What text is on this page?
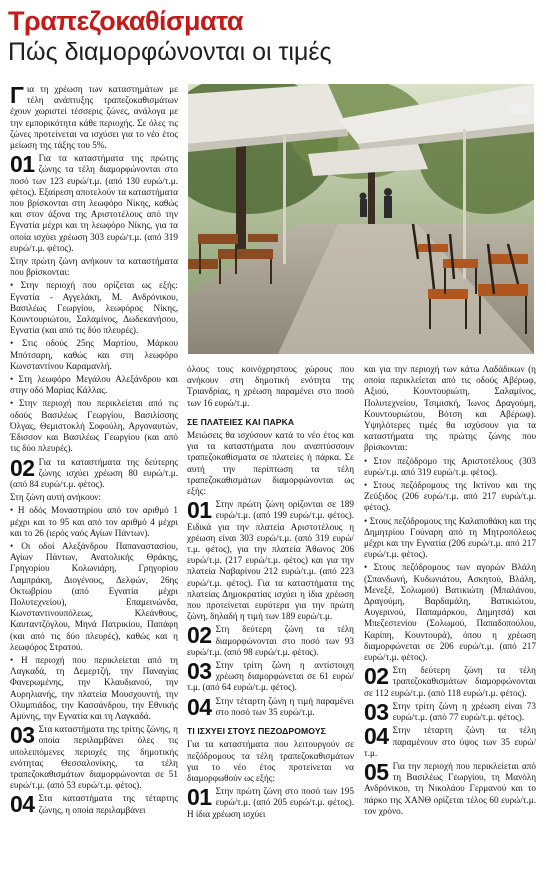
Τραπεζοκαθίσματα
Πώς διαμορφώνονται οι τιμές

Για τη χρέωση των καταστημάτων με τέλη ανάπτυξης τραπεζοκαθισμάτων έχουν χωριστεί τέσσερις ζώνες, ανάλογα με την εμπορικότητα κάθε περιοχής. Σε όλες τις ζώνες προτείνεται να ισχύσει για το νέο έτος μείωση της τάξης του 5%.

01 Για τα καταστήματα της πρώτης ζώνης τα τέλη διαμορφώνονται στο ποσό των 123 ευρώ/τ.μ. (από 130 ευρώ/τ.μ. φέτος). Εξαίρεση αποτελούν τα καταστήματα που βρίσκονται στη λεωφόρο Νίκης, καθώς και στον άξονα της Αριστοτέλους από την Εγνατία μέχρι και τη λεωφόρο Νίκης, για τα οποία ισχύει χρέωση 303 ευρώ/τ.μ. (από 319 ευρώ/τ.μ. φέτος).

Στην πρώτη ζώνη ανήκουν τα καταστήματα που βρίσκονται:

• Στην περιοχή που ορίζεται ως εξής: Εγνατία - Αγγελάκη, Μ. Ανδρόνικου, Βασιλέως Γεωργίου, λεωφόρος Νίκης, Κουντουριώτου, Σαλαμίνος, Δωδεκανήσου, Εγνατία (και από τις δύο πλευρές).

• Στις οδούς 25ης Μαρτίου, Μάρκου Μπότσαρη, καθώς και στη λεωφόρο Κωνσταντίνου Καραμανλή.

• Στη λεωφόρο Μεγάλου Αλεξάνδρου και στην οδό Μαρίας Κάλλας.

• Στην περιοχή που περικλείεται από τις οδούς Βασιλέως Γεωργίου, Βασιλίσσης Όλγας, Θεμιστοκλή Σοφούλη, Αργοναυτών, Έδισσον και Βασιλέως Γεωργίου (και από τις δύο πλευρές).

02 Για τα καταστήματα της δεύτερης ζώνης ισχύει χρέωση 80 ευρώ/τ.μ. (από 84 ευρώ/τ.μ. φέτος).

Στη ζώνη αυτή ανήκουν:

• Η οδός Μοναστηρίου από τον αριθμό 1 μέχρι και το 95 και από τον αριθμό 4 μέχρι και το 26 (ιερός ναός Αγίων Πάντων).

• Οι οδοί Αλεξάνδρου Παπαναστασίου, Αγίων Πάντων, Ανατολικής Θράκης, Γρηγορίου Κολωνιάρη, Γρηγορίου Λαμπράκη, Διογένους, Δελφών, 26ης Οκτωβρίου (από Εγνατία μέχρι Πολυτεχνείου), Επαμεινώνδα, Κωνσταντινουπόλεως, Κλεάνθους, Καυταντζόγλου, Μηνά Πατρικίου, Παπάφη (και από τις δύο πλευρές), καθώς και η λεωφόρος Στρατού.

• Η περιοχή που περικλείεται από τη Λαγκαδά, τη Δεμερτζή, την Παναγίας Φανερωμένης, την Κλαυδιανού, την Αυρηλιανής, την πλατεία Μουσχουντή, την Ολυμπιάδος, την Κασσάνδρου, την Εθνικής Αμύνης, την Εγνατία και τη Λαγκαδά.

03 Στα καταστήματα της τρίτης ζώνης, η οποία περιλαμβάνει όλες τις υπολειπόμενες περιοχές της δημοτικής ενότητας Θεσσαλονίκης, τα τέλη τραπεζοκαθισμάτων διαμορφώνονται σε 51 ευρώ/τ.μ. (από 53 ευρώ/τ.μ. φέτος).

04 Στα καταστήματα της τέταρτης ζώνης, η οποία περιλαμβάνει

όλους τους κοινόχρηστους χώρους που ανήκουν στη δημοτική ενότητα της Τριανδρίας, η χρέωση παραμένει στο ποσό των 16 ευρώ/τ.μ.

ΣΕ ΠΛΑΤΕΙΕΣ ΚΑΙ ΠΑΡΚΑ

Μειώσεις θα ισχύσουν κατά το νέο έτος και για τα καταστήματα που αναπτύσσουν τραπεζοκαθίσματα σε πλατείες ή πάρκα. Σε αυτή την περίπτωση τα τέλη τραπεζοκαθισμάτων διαμορφώνονται ως εξής:

01 Στην πρώτη ζώνη ορίζονται σε 189 ευρώ/τ.μ. (από 199 ευρώ/τ.μ. φέτος). Ειδικά για την πλατεία Αριστοτέλους η χρέωση είναι 303 ευρώ/τ.μ. (από 319 ευρώ/τ.μ. φέτος), για την πλατεία Άθωνος 206 ευρώ/τ.μ. (217 ευρώ/τ.μ. φέτος) και για την πλατεία Ναβαρίνου 212 ευρώ/τ.μ. (από 223 ευρώ/τ.μ. φέτος). Για τα καταστήματα της πλατείας Δημοκρατίας ισχύει η ίδια χρέωση που προτείνεται ευρύτερα για την πρώτη ζώνη, δηλαδή η τιμή των 189 ευρώ/τ.μ.

02 Στη δεύτερη ζώνη τα τέλη διαμορφώνονται στο ποσό των 93 ευρώ/τ.μ. (από 98 ευρώ/τ.μ. φέτος).

03 Στην τρίτη ζώνη η αντίστοιχη χρέωση διαμορφώνεται σε 61 ευρώ/τ.μ. (από 64 ευρώ/τ.μ. φέτος).

04 Στην τέταρτη ζώνη η τιμή παραμένει στο ποσό των 35 ευρώ/τ.μ.

ΤΙ ΙΣΧΥΕΙ ΣΤΟΥΣ ΠΕΖΟΔΡΟΜΟΥΣ

Για τα καταστήματα που λειτουργούν σε πεζόδρομους τα τέλη τραπεζοκαθισμάτων για το νέο έτος προτείνεται να διαμορφωθούν ως εξής:

01 Στην πρώτη ζώνη στο ποσό των 195 ευρώ/τ.μ. (από 205 ευρώ/τ.μ. φέτος). Η ίδια χρέωση ισχύει

και για την περιοχή των κάτω Λαδάδικων (η οποία περικλείεται από τις οδούς Αβέρωφ, Αξιού, Κουντουριώτη, Σαλαμίνος, Πολυτεχνείου, Τσιμισκή, Ίωνος Δραγούμη, Κουντουριώτου, Βότση και Αβέρωφ). Υψηλότερες τιμές θα ισχύσουν για τα καταστήματα της πρώτης ζώνης που βρίσκονται:

• Στον πεζόδρομο της Αριστοτέλους (303 ευρώ/τ.μ. από 319 ευρώ/τ.μ. φέτος).

• Στους πεζόδρομους της Ικτίνου και της Ζεύξιδος (206 ευρώ/τ.μ. από 217 ευρώ/τ.μ. φέτος).

• Στους πεζόδρομους της Καλαποθάκη και της Δημητρίου Γούναρη από τη Μητροπόλεως μέχρι και την Εγνατία (206 ευρώ/τ.μ. από 217 ευρώ/τ.μ. φέτος).

• Στους πεζόδρομους των αγορών Βλάλη (Σπανδωνή, Κυδωνιάτου, Ασκητού, Βλάλη, Μενεξέ, Σολωμού) Βατικιώτη (Μπαλάνου, Δραγούμη, Βαρδαμάλη, Βατικιώτου, Αυγερινού, Παπαμάρκου, Δημητσά) και Μπεζεστενίου (Σολωμού, Παπαδοπούλου, Καρίπη, Κουντουρά), όπου η χρέωση διαμορφώνεται σε 206 ευρώ/τ.μ. (από 217 ευρώ/τ.μ. φέτος).

02 Στη δεύτερη ζώνη τα τέλη τραπεζοκαθισμάτων διαμορφώνονται σε 112 ευρώ/τ.μ. (από 118 ευρώ/τ.μ. φέτος).

03 Στην τρίτη ζώνη η χρέωση είναι 73 ευρώ/τ.μ. (από 77 ευρώ/τ.μ. φέτος).

04 Στην τέταρτη ζώνη τα τέλη παραμένουν στο ύψος των 35 ευρώ/τ.μ.

05 Για την περιοχή που περικλείεται από τη Βασιλέως Γεωργίου, τη Μανόλη Ανδρόνικου, τη Νικολάου Γερμανού και το πάρκο της ΧΑΝΘ ορίζεται τέλος 60 ευρώ/τ.μ. τον χρόνο.
